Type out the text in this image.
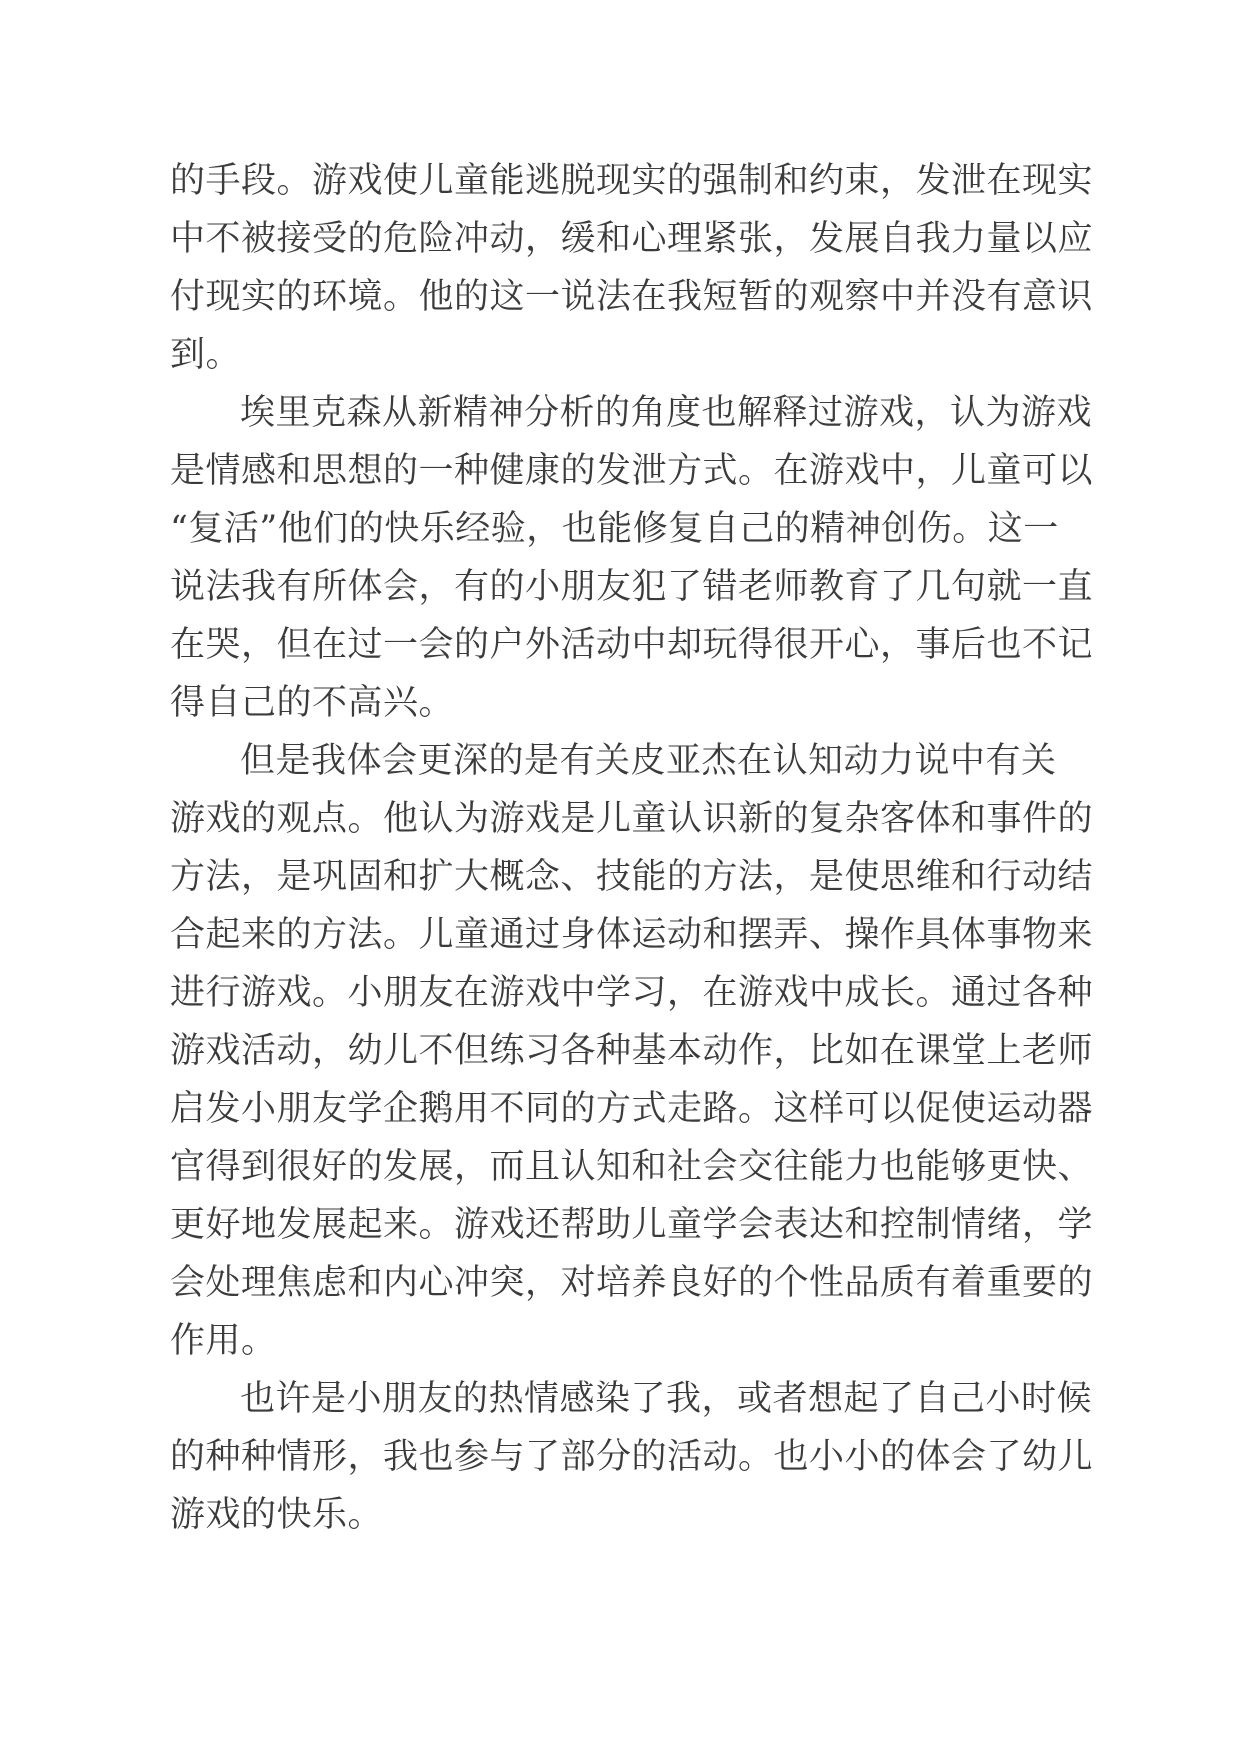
的手段。游戏使儿童能逃脱现实的强制和约束，发泄在现实
中不被接受的危险冲动，缓和心理紧张，发展自我力量以应
付现实的环境。他的这一说法在我短暂的观察中并没有意识
到。
埃里克森从新精神分析的角度也解释过游戏，认为游戏
是情感和思想的一种健康的发泄方式。在游戏中，儿童可以
“复活”他们的快乐经验，也能修复自己的精神创伤。这一
说法我有所体会，有的小朋友犯了错老师教育了几句就一直
在哭，但在过一会的户外活动中却玩得很开心，事后也不记
得自己的不高兴。
但是我体会更深的是有关皮亚杰在认知动力说中有关
游戏的观点。他认为游戏是儿童认识新的复杂客体和事件的
方法，是巩固和扩大概念、技能的方法，是使思维和行动结
合起来的方法。儿童通过身体运动和摆弄、操作具体事物来
进行游戏。小朋友在游戏中学习，在游戏中成长。通过各种
游戏活动，幼儿不但练习各种基本动作，比如在课堂上老师
启发小朋友学企鹅用不同的方式走路。这样可以促使运动器
官得到很好的发展，而且认知和社会交往能力也能够更快、
更好地发展起来。游戏还帮助儿童学会表达和控制情绪，学
会处理焦虑和内心冲突，对培养良好的个性品质有着重要的
作用。
也许是小朋友的热情感染了我，或者想起了自己小时候
的种种情形，我也参与了部分的活动。也小小的体会了幼儿
游戏的快乐。
